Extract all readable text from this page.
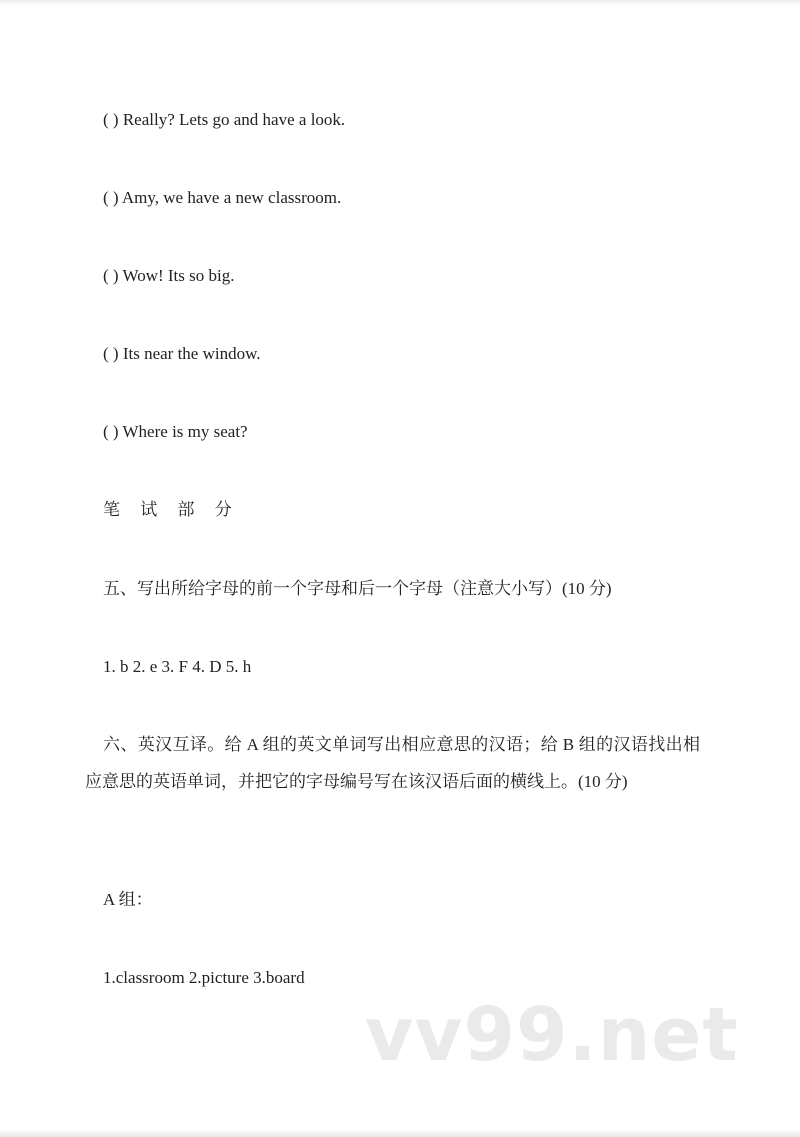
( ) Really? Lets go and have a look.
( ) Amy, we have a new classroom.
( ) Wow! Its so big.
( ) Its near the window.
( ) Where is my seat?
笔 试 部 分
五、写出所给字母的前一个字母和后一个字母（注意大小写）(10 分)
1. b 2. e 3. F 4. D 5. h
六、英汉互译。给 A 组的英文单词写出相应意思的汉语；给 B 组的汉语找出相应意思的英语单词，并把它的字母编号写在该汉语后面的横线上。(10 分)
A 组：
1.classroom 2.picture 3.board
vv99.net
